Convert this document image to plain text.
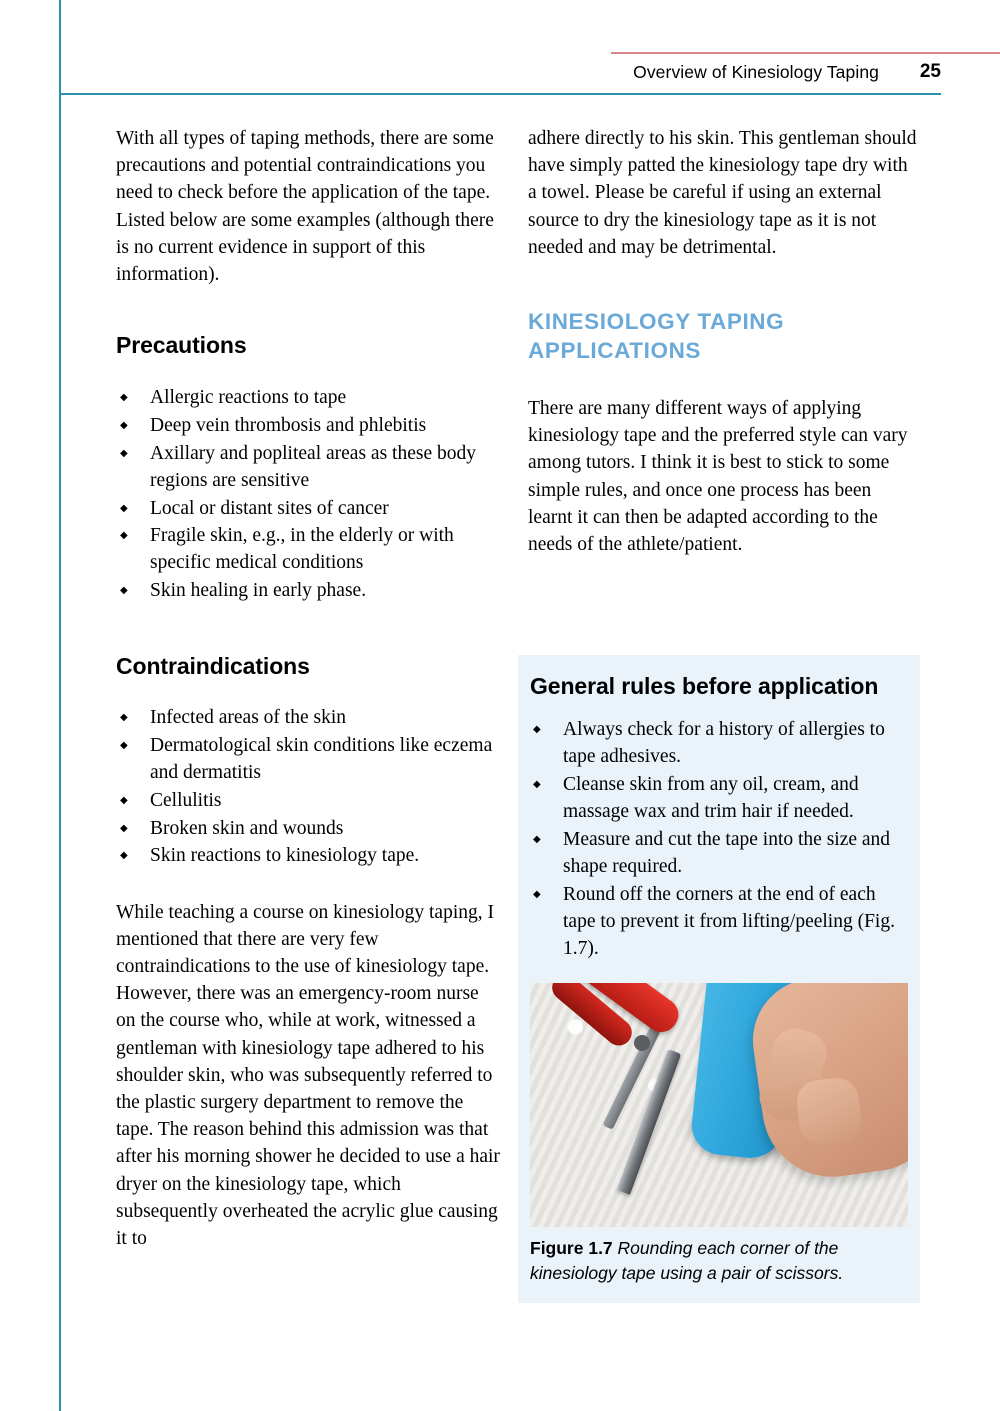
Overview of Kinesiology Taping 25

With all types of taping methods, there are some precautions and potential contraindications you need to check before the application of the tape. Listed below are some examples (although there is no current evidence in support of this information).

Precautions
◆ Allergic reactions to tape
◆ Deep vein thrombosis and phlebitis
◆ Axillary and popliteal areas as these body regions are sensitive
◆ Local or distant sites of cancer
◆ Fragile skin, e.g., in the elderly or with specific medical conditions
◆ Skin healing in early phase.
Contraindications
◆ Infected areas of the skin
◆ Dermatological skin conditions like eczema and dermatitis
◆ Cellulitis
◆ Broken skin and wounds
◆ Skin reactions to kinesiology tape.

While teaching a course on kinesiology taping, I mentioned that there are very few contraindications to the use of kinesiology tape. However, there was an emergency-room nurse on the course who, while at work, witnessed a gentleman with kinesiology tape adhered to his shoulder skin, who was subsequently referred to the plastic surgery department to remove the tape. The reason behind this admission was that after his morning shower he decided to use a hair dryer on the kinesiology tape, which subsequently overheated the acrylic glue causing it to

adhere directly to his skin. This gentleman should have simply patted the kinesiology tape dry with a towel. Please be careful if using an external source to dry the kinesiology tape as it is not needed and may be detrimental.

KINESIOLOGY TAPING APPLICATIONS

There are many different ways of applying kinesiology tape and the preferred style can vary among tutors. I think it is best to stick to some simple rules, and once one process has been learnt it can then be adapted according to the needs of the athlete/patient.

General rules before application
◆ Always check for a history of allergies to tape adhesives.
◆ Cleanse skin from any oil, cream, and massage wax and trim hair if needed.
◆ Measure and cut the tape into the size and shape required.
◆ Round off the corners at the end of each tape to prevent it from lifting/peeling (Fig. 1.7).
Figure 1.7 Rounding each corner of the kinesiology tape using a pair of scissors.
